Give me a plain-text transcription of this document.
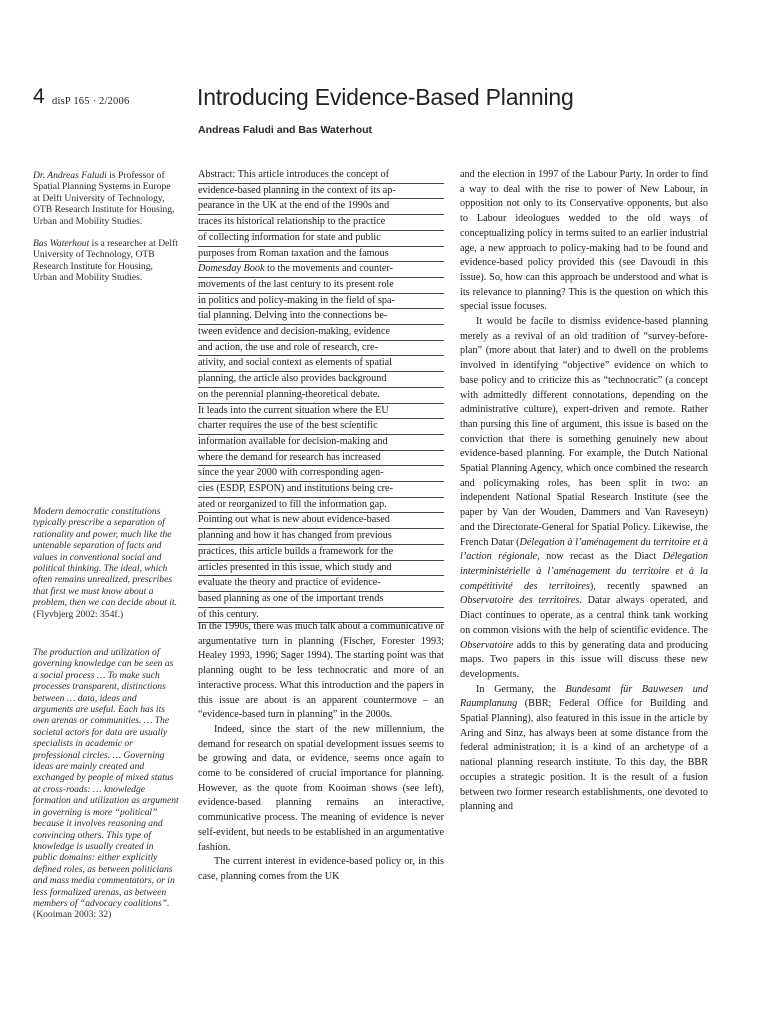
4 disP 165 · 2/2006	Introducing Evidence-Based Planning

Andreas Faludi and Bas Waterhout

Dr. Andreas Faludi is Professor of Spatial Planning Systems in Europe at Delft University of Technology, OTB Research Institute for Housing, Urban and Mobility Studies.

Bas Waterhout is a researcher at Delft University of Technology, OTB Research Institute for Housing, Urban and Mobility Studies.

Modern democratic constitutions typically prescribe a separation of rationality and power, much like the untenable separation of facts and values in conventional social and political thinking. The ideal, which often remains unrealized, prescribes that first we must know about a problem, then we can decide about it. (Flyvbjerg 2002: 354f.)
The production and utilization of governing knowledge can be seen as a social process … To make such processes transparent, distinctions between … data, ideas and arguments are useful. Each has its own arenas or communities. … The societal actors for data are usually specialists in academic or professional circles. … Governing ideas are mainly created and exchanged by people of mixed status at cross-roads: … knowledge formation and utilization as argument in governing is more “political” because it involves reasoning and convincing others. This type of knowledge is usually created in public domains: either explicitly defined roles, as between politicians and mass media commentators, or in less formalized arenas, as between members of “advocacy coalitions”. (Kooiman 2003: 32)
Abstract: This article introduces the concept of
evidence-based planning in the context of its ap-
pearance in the UK at the end of the 1990s and
traces its historical relationship to the practice
of collecting information for state and public
purposes from Roman taxation and the famous
Domesday Book to the movements and counter-
movements of the last century to its present role
in politics and policy-making in the field of spa-
tial planning. Delving into the connections be-
tween evidence and decision-making, evidence
and action, the use and role of research, cre-
ativity, and social context as elements of spatial
planning, the article also provides background
on the perennial planning-theoretical debate.
It leads into the current situation where the EU
charter requires the use of the best scientific
information available for decision-making and
where the demand for research has increased
since the year 2000 with corresponding agen-
cies (ESDP, ESPON) and institutions being cre-
ated or reorganized to fill the information gap.
Pointing out what is new about evidence-based
planning and how it has changed from previous
practices, this article builds a framework for the
articles presented in this issue, which study and
evaluate the theory and practice of evidence-
based planning as one of the important trends
of this century.

In the 1990s, there was much talk about a communicative or argumentative turn in planning (Fischer, Forester 1993; Healey 1993, 1996; Sager 1994). The starting point was that planning ought to be less technocratic and more of an interactive process. What this introduction and the papers in this issue are about is an apparent countermove – an “evidence-based turn in planning” in the 2000s.

Indeed, since the start of the new millennium, the demand for research on spatial development issues seems to be growing and data, or evidence, seems once again to come to be considered of crucial importance for planning. However, as the quote from Kooiman shows (see left), evidence-based planning remains an interactive, communicative process. The meaning of evidence is never self-evident, but needs to be established in an argumentative fashion.

The current interest in evidence-based policy or, in this case, planning comes from the UK

and the election in 1997 of the Labour Party. In order to find a way to deal with the rise to power of New Labour, in opposition not only to its Conservative opponents, but also to Labour ideologues wedded to the old ways of conceptualizing policy in terms suited to an earlier industrial age, a new approach to policy-making had to be found and evidence-based policy provided this (see Davoudi in this issue). So, how can this approach be understood and what is its relevance to planning? This is the question on which this special issue focuses.

It would be facile to dismiss evidence-based planning merely as a revival of an old tradition of “survey-before-plan” (more about that later) and to dwell on the problems involved in identifying “objective” evidence on which to base policy and to criticize this as “technocratic” (a concept with admittedly different connotations, depending on the administrative culture), expert-driven and remote. Rather than pursing this line of argument, this issue is based on the conviction that there is something genuinely new about evidence-based planning. For example, the Dutch National Spatial Planning Agency, which once combined the research and policymaking roles, has been split in two: an independent National Spatial Research Institute (see the paper by Van der Wouden, Dammers and Van Raveseyn) and the Directorate-General for Spatial Policy. Likewise, the French Datar (Délegation à l’aménagement du territoire et à l’action régionale, now recast as the Diact Délegation interministérielle à l’aménagement du territoire et à la compétitivité des territoires), recently spawned an Observatoire des territoires. Datar always operated, and Diact continues to operate, as a central think tank working on common visions with the help of scientific evidence. The Observatoire adds to this by generating data and producing maps. Two papers in this issue will discuss these new developments.

In Germany, the Bundesamt für Bauwesen und Raumplanung (BBR; Federal Office for Building and Spatial Planning), also featured in this issue in the article by Aring and Sinz, has always been at some distance from the federal administration; it is a kind of an archetype of a national planning research institute. To this day, the BBR occupies a strategic position. It is the result of a fusion between two former research establishments, one devoted to planning and
